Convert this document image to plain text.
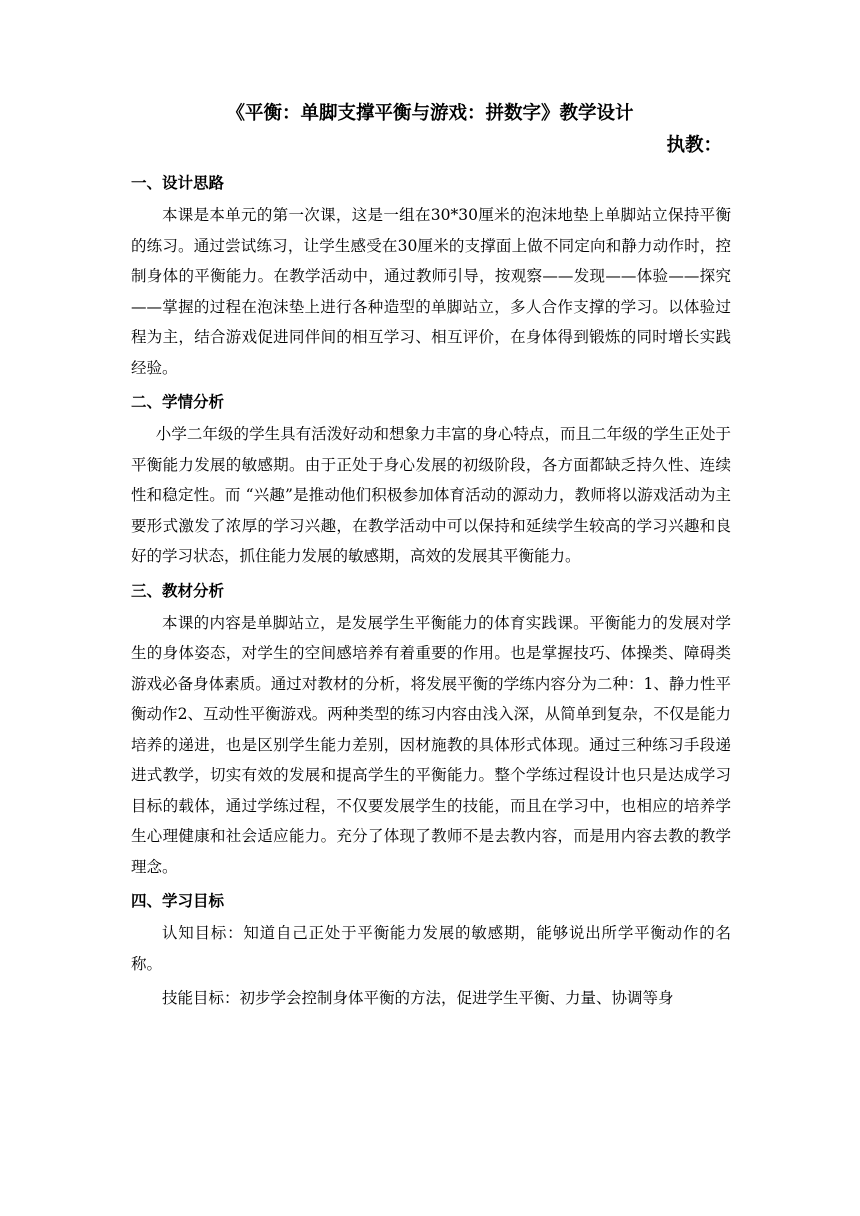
《平衡：单脚支撑平衡与游戏：拼数字》教学设计
执教：
一、设计思路

本课是本单元的第一次课，这是一组在30*30厘米的泡沫地垫上单脚站立保持平衡的练习。通过尝试练习，让学生感受在30厘米的支撑面上做不同定向和静力动作时，控制身体的平衡能力。在教学活动中，通过教师引导，按观察——发现——体验——探究——掌握的过程在泡沫垫上进行各种造型的单脚站立，多人合作支撑的学习。以体验过程为主，结合游戏促进同伴间的相互学习、相互评价，在身体得到锻炼的同时增长实践经验。

二、学情分析

小学二年级的学生具有活泼好动和想象力丰富的身心特点，而且二年级的学生正处于平衡能力发展的敏感期。由于正处于身心发展的初级阶段，各方面都缺乏持久性、连续性和稳定性。而 “兴趣”是推动他们积极参加体育活动的源动力，教师将以游戏活动为主要形式激发了浓厚的学习兴趣，在教学活动中可以保持和延续学生较高的学习兴趣和良好的学习状态，抓住能力发展的敏感期，高效的发展其平衡能力。

三、教材分析

本课的内容是单脚站立，是发展学生平衡能力的体育实践课。平衡能力的发展对学生的身体姿态，对学生的空间感培养有着重要的作用。也是掌握技巧、体操类、障碍类游戏必备身体素质。通过对教材的分析，将发展平衡的学练内容分为二种：1、静力性平衡动作2、互动性平衡游戏。两种类型的练习内容由浅入深，从简单到复杂，不仅是能力培养的递进，也是区别学生能力差别，因材施教的具体形式体现。通过三种练习手段递进式教学，切实有效的发展和提高学生的平衡能力。整个学练过程设计也只是达成学习目标的载体，通过学练过程，不仅要发展学生的技能，而且在学习中，也相应的培养学生心理健康和社会适应能力。充分了体现了教师不是去教内容，而是用内容去教的教学理念。

四、学习目标

认知目标：知道自己正处于平衡能力发展的敏感期，能够说出所学平衡动作的名称。

技能目标：初步学会控制身体平衡的方法，促进学生平衡、力量、协调等身
